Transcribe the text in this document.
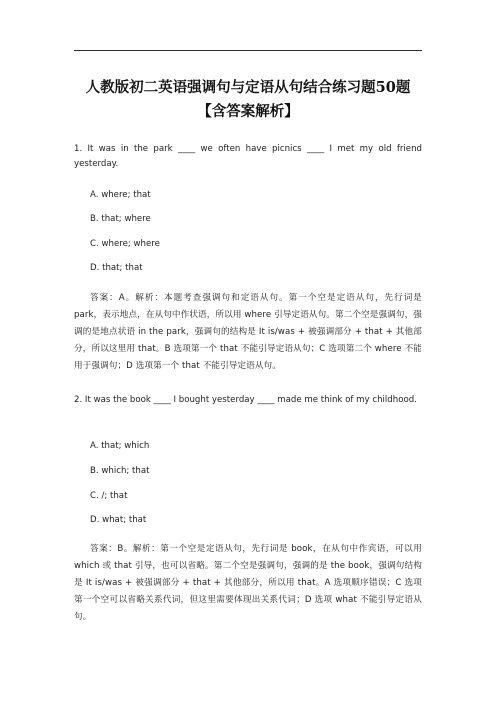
人教版初二英语强调句与定语从句结合练习题50题【含答案解析】
1. It was in the park ____ we often have picnics ____ I met my old friend yesterday.
A. where; that
B. that; where
C. where; where
D. that; that
答案：A。解析：本题考查强调句和定语从句。第一个空是定语从句，先行词是 park，表示地点，在从句中作状语，所以用 where 引导定语从句。第二个空是强调句，强调的是地点状语 in the park，强调句的结构是 It is/was + 被强调部分 + that + 其他部分，所以这里用 that。B 选项第一个 that 不能引导定语从句；C 选项第二个 where 不能用于强调句；D 选项第一个 that 不能引导定语从句。
2. It was the book ____ I bought yesterday ____ made me think of my childhood.
A. that; which
B. which; that
C. /; that
D. what; that
答案：B。解析：第一个空是定语从句，先行词是 book，在从句中作宾语，可以用 which 或 that 引导，也可以省略。第二个空是强调句，强调的是 the book，强调句结构是 It is/was + 被强调部分 + that + 其他部分，所以用 that。A 选项顺序错误；C 选项第一个空可以省略关系代词，但这里需要体现出关系代词；D 选项 what 不能引导定语从句。
